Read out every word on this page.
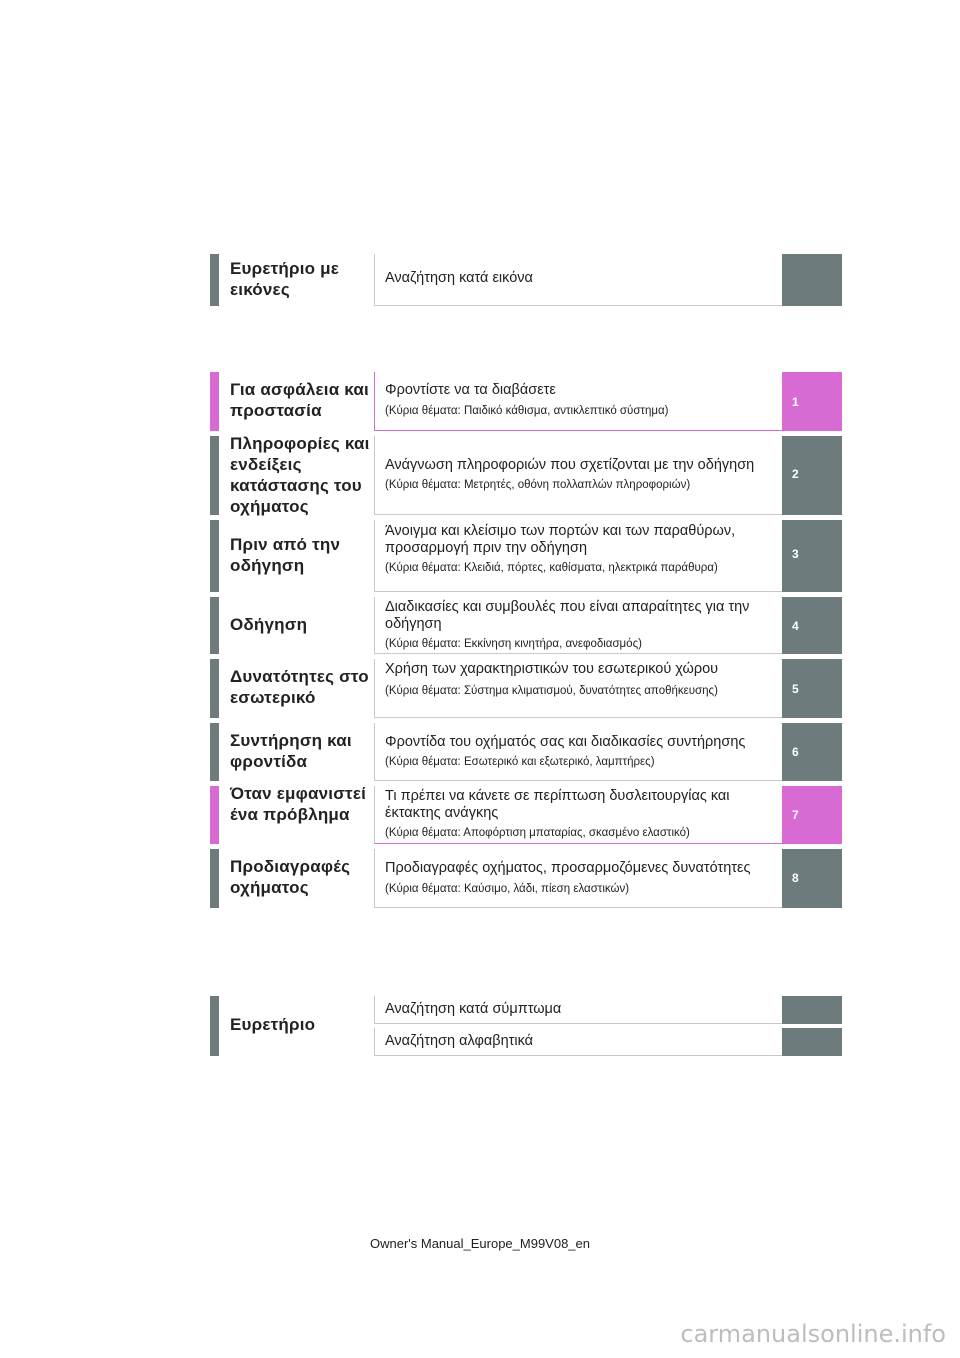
Ευρετήριο με εικόνες
Αναζήτηση κατά εικόνα
Για ασφάλεια και προστασία
Φροντίστε να τα διαβάσετε
(Κύρια θέματα: Παιδικό κάθισμα, αντικλεπτικό σύστημα)
1
Πληροφορίες και ενδείξεις κατάστασης του οχήματος
Ανάγνωση πληροφοριών που σχετίζονται με την οδήγηση
(Κύρια θέματα: Μετρητές, οθόνη πολλαπλών πληροφοριών)
2
Πριν από την οδήγηση
Άνοιγμα και κλείσιμο των πορτών και των παραθύρων, προσαρμογή πριν την οδήγηση
(Κύρια θέματα: Κλειδιά, πόρτες, καθίσματα, ηλεκτρικά παράθυρα)
3
Οδήγηση
Διαδικασίες και συμβουλές που είναι απαραίτητες για την οδήγηση
(Κύρια θέματα: Εκκίνηση κινητήρα, ανεφοδιασμός)
4
Δυνατότητες στο εσωτερικό
Χρήση των χαρακτηριστικών του εσωτερικού χώρου
(Κύρια θέματα: Σύστημα κλιματισμού, δυνατότητες αποθήκευσης)	5
Συντήρηση και φροντίδα
Φροντίδα του οχήματός σας και διαδικασίες συντήρησης
(Κύρια θέματα: Εσωτερικό και εξωτερικό, λαμπτήρες)
6
Όταν εμφανιστεί ένα πρόβλημα
Τι πρέπει να κάνετε σε περίπτωση δυσλειτουργίας και έκτακτης ανάγκης
(Κύρια θέματα: Αποφόρτιση μπαταρίας, σκασμένο ελαστικό)
7
Προδιαγραφές οχήματος
Προδιαγραφές οχήματος, προσαρμοζόμενες δυνατότητες
(Κύρια θέματα: Καύσιμο, λάδι, πίεση ελαστικών)
8
Ευρετήριο
Αναζήτηση κατά σύμπτωμα
Αναζήτηση αλφαβητικά
Owner's Manual_Europe_M99V08_en
carmanualsonline.info
